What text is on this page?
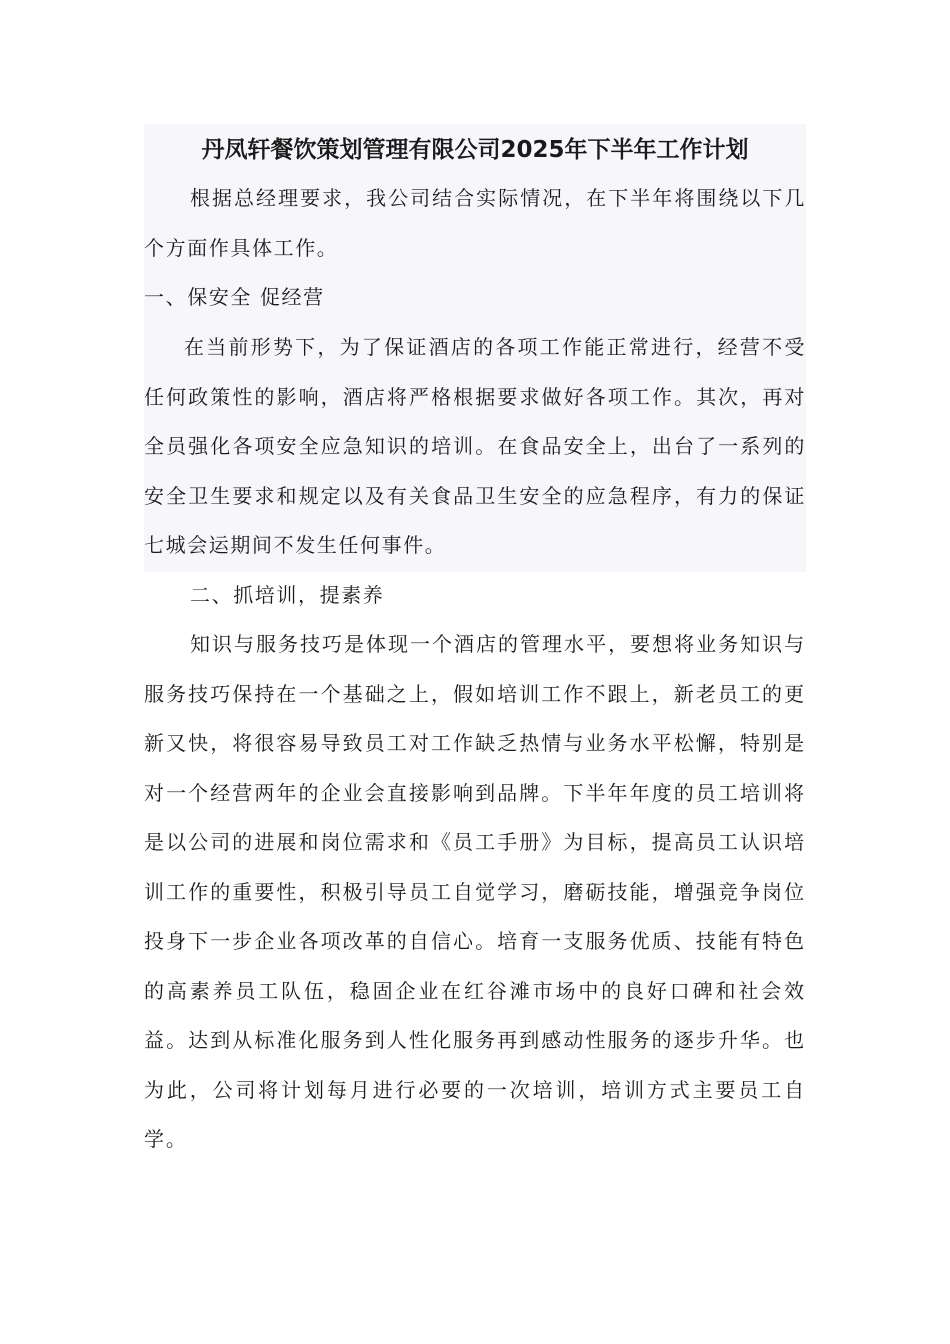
丹凤轩餐饮策划管理有限公司2025年下半年工作计划

根据总经理要求，我公司结合实际情况，在下半年将围绕以下几个方面作具体工作。

一、保安全 促经营

在当前形势下，为了保证酒店的各项工作能正常进行，经营不受任何政策性的影响，酒店将严格根据要求做好各项工作。其次，再对全员强化各项安全应急知识的培训。在食品安全上，出台了一系列的安全卫生要求和规定以及有关食品卫生安全的应急程序，有力的保证七城会运期间不发生任何事件。

二、抓培训，提素养

知识与服务技巧是体现一个酒店的管理水平，要想将业务知识与服务技巧保持在一个基础之上，假如培训工作不跟上，新老员工的更新又快，将很容易导致员工对工作缺乏热情与业务水平松懈，特别是对一个经营两年的企业会直接影响到品牌。下半年年度的员工培训将是以公司的进展和岗位需求和《员工手册》为目标，提高员工认识培训工作的重要性，积极引导员工自觉学习，磨砺技能，增强竞争岗位投身下一步企业各项改革的自信心。培育一支服务优质、技能有特色的高素养员工队伍，稳固企业在红谷滩市场中的良好口碑和社会效益。达到从标准化服务到人性化服务再到感动性服务的逐步升华。也为此，公司将计划每月进行必要的一次培训，培训方式主要员工自学。
